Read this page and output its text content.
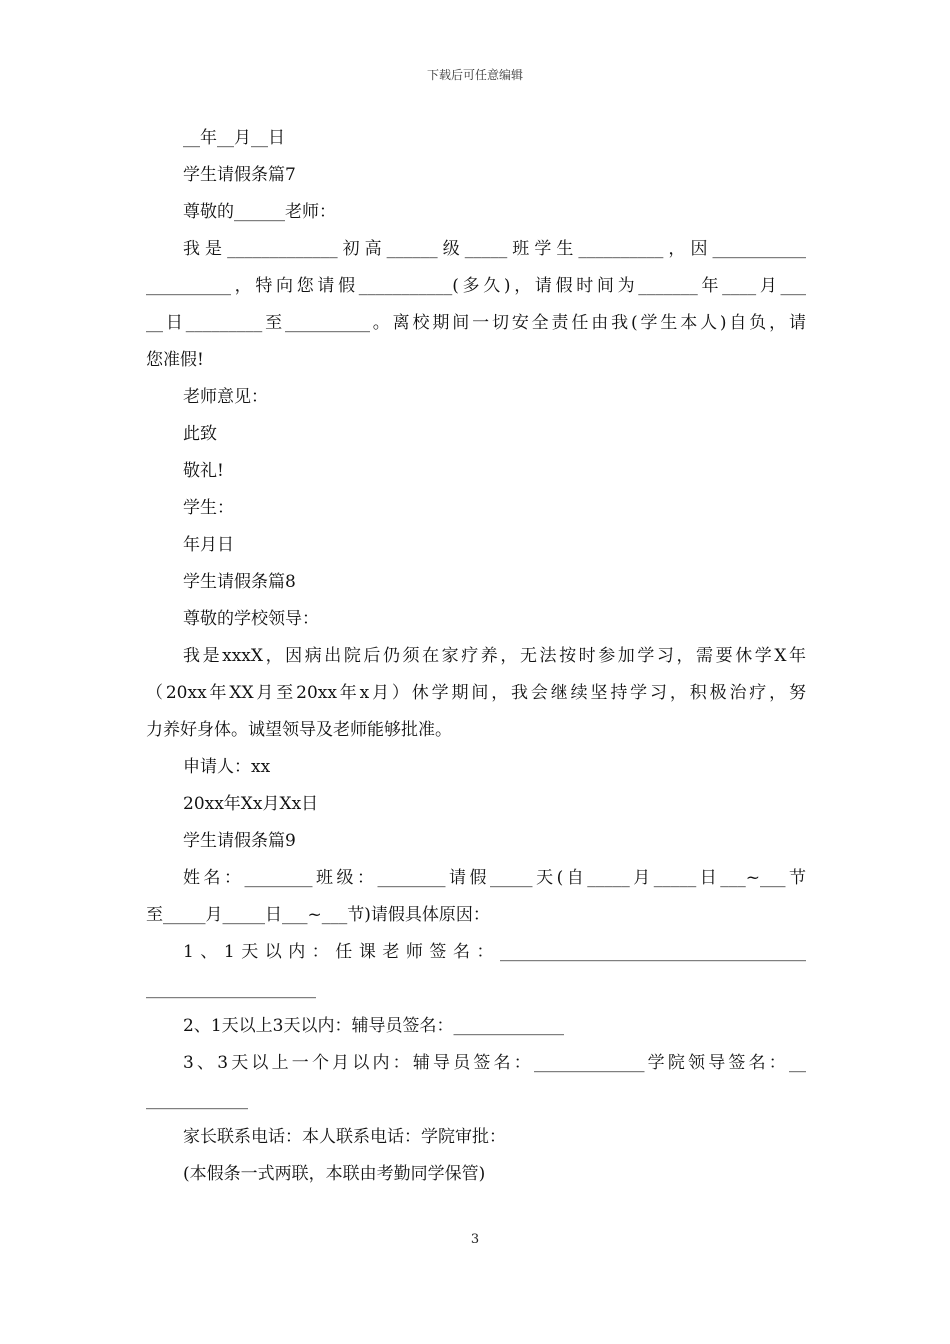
下载后可任意编辑
__年__月__日
学生请假条篇7
尊敬的______老师：
我是_____________初高______级_____班学生__________，因___________
__________，特向您请假___________(多久)，请假时间为_______年____月___
__日_________至__________。离校期间一切安全责任由我(学生本人)自负，请
您准假!
老师意见：
此致
敬礼!
学生：
年月日
学生请假条篇8
尊敬的学校领导：
我是xxxX，因病出院后仍须在家疗养，无法按时参加学习，需要休学X年
（20xx年XX月至20xx年x月）休学期间，我会继续坚持学习，积极治疗，努
力养好身体。诚望领导及老师能够批准。
申请人：xx
20xx年Xx月Xx日
学生请假条篇9
姓名：________班级：________请假_____天(自_____月_____日___~___节
至_____月_____日___~___节)请假具体原因：
1、1天以内：任课老师签名：____________________________________
____________________
2、1天以上3天以内：辅导员签名：_____________
3、3天以上一个月以内：辅导员签名：_____________学院领导签名：__
____________
家长联系电话：本人联系电话：学院审批：
(本假条一式两联，本联由考勤同学保管)
3
